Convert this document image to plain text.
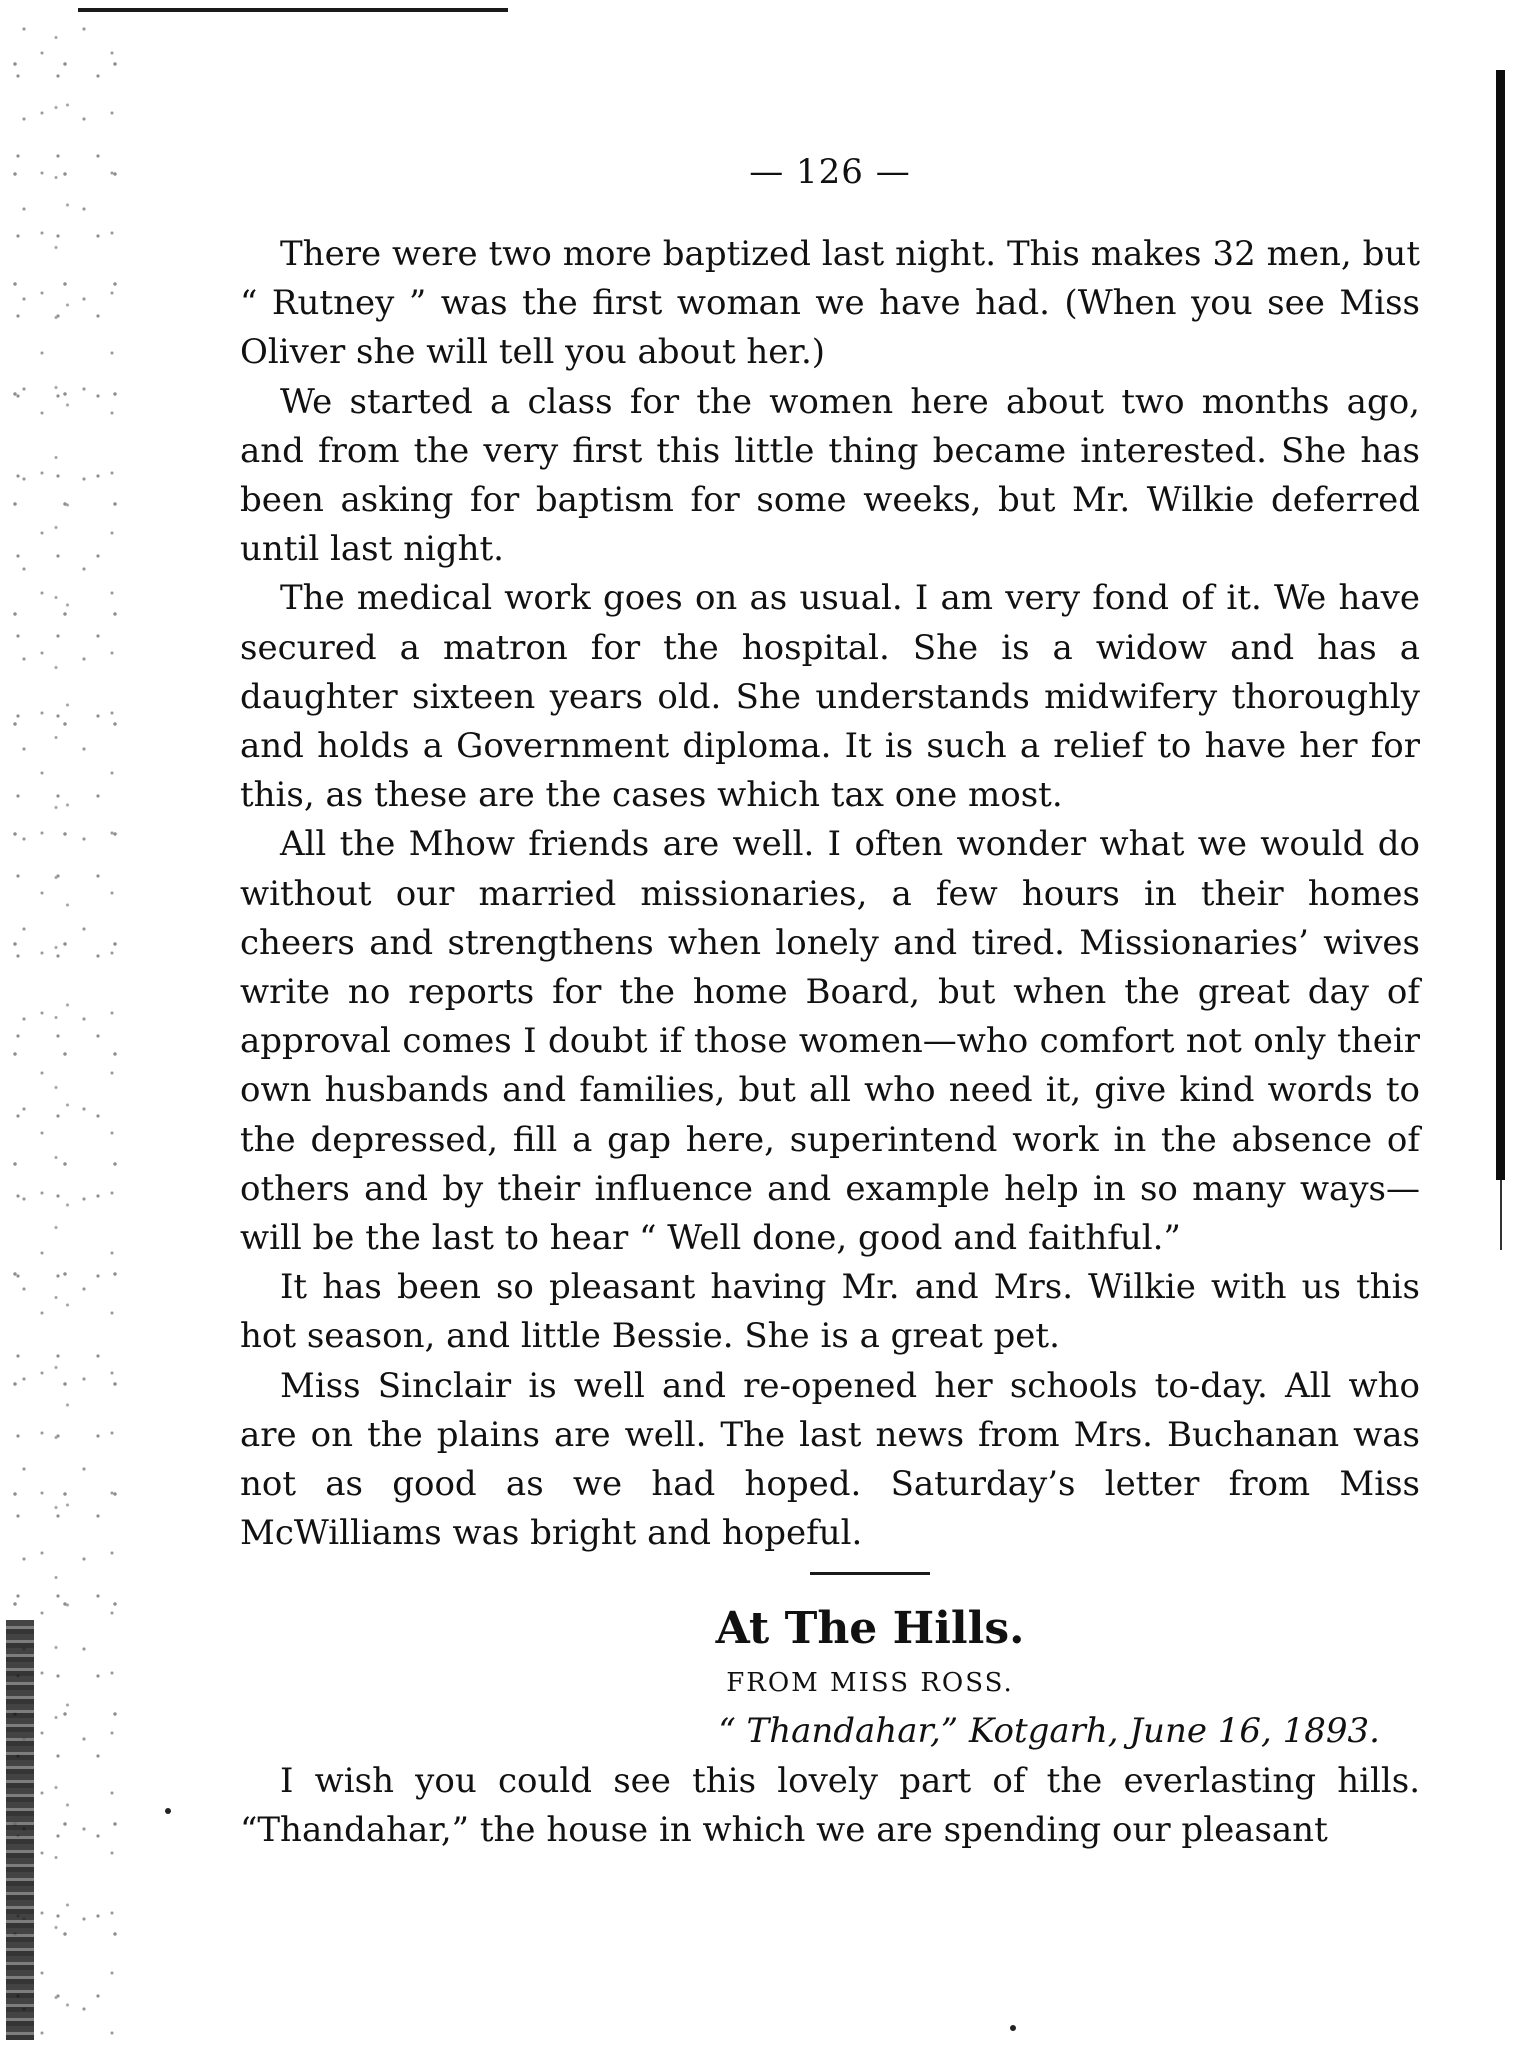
— 126 —

There were two more baptized last night. This makes 32 men, but “ Rutney ” was the first woman we have had. (When you see Miss Oliver she will tell you about her.)

We started a class for the women here about two months ago, and from the very first this little thing became interested. She has been asking for baptism for some weeks, but Mr. Wilkie deferred until last night.

The medical work goes on as usual. I am very fond of it. We have secured a matron for the hospital. She is a widow and has a daughter sixteen years old. She understands midwifery thoroughly and holds a Government diploma. It is such a relief to have her for this, as these are the cases which tax one most.

All the Mhow friends are well. I often wonder what we would do without our married missionaries, a few hours in their homes cheers and strengthens when lonely and tired. Missionaries’ wives write no reports for the home Board, but when the great day of approval comes I doubt if those women—who comfort not only their own husbands and families, but all who need it, give kind words to the depressed, fill a gap here, superintend work in the absence of others and by their influence and example help in so many ways—will be the last to hear “ Well done, good and faithful.”

It has been so pleasant having Mr. and Mrs. Wilkie with us this hot season, and little Bessie. She is a great pet.

Miss Sinclair is well and re-opened her schools to-day. All who are on the plains are well. The last news from Mrs. Buchanan was not as good as we had hoped. Saturday’s letter from Miss McWilliams was bright and hopeful.

At The Hills.
FROM MISS ROSS.

“ Thandahar,” Kotgarh, June 16, 1893.

I wish you could see this lovely part of the everlasting hills. “Thandahar,” the house in which we are spending our pleasant
